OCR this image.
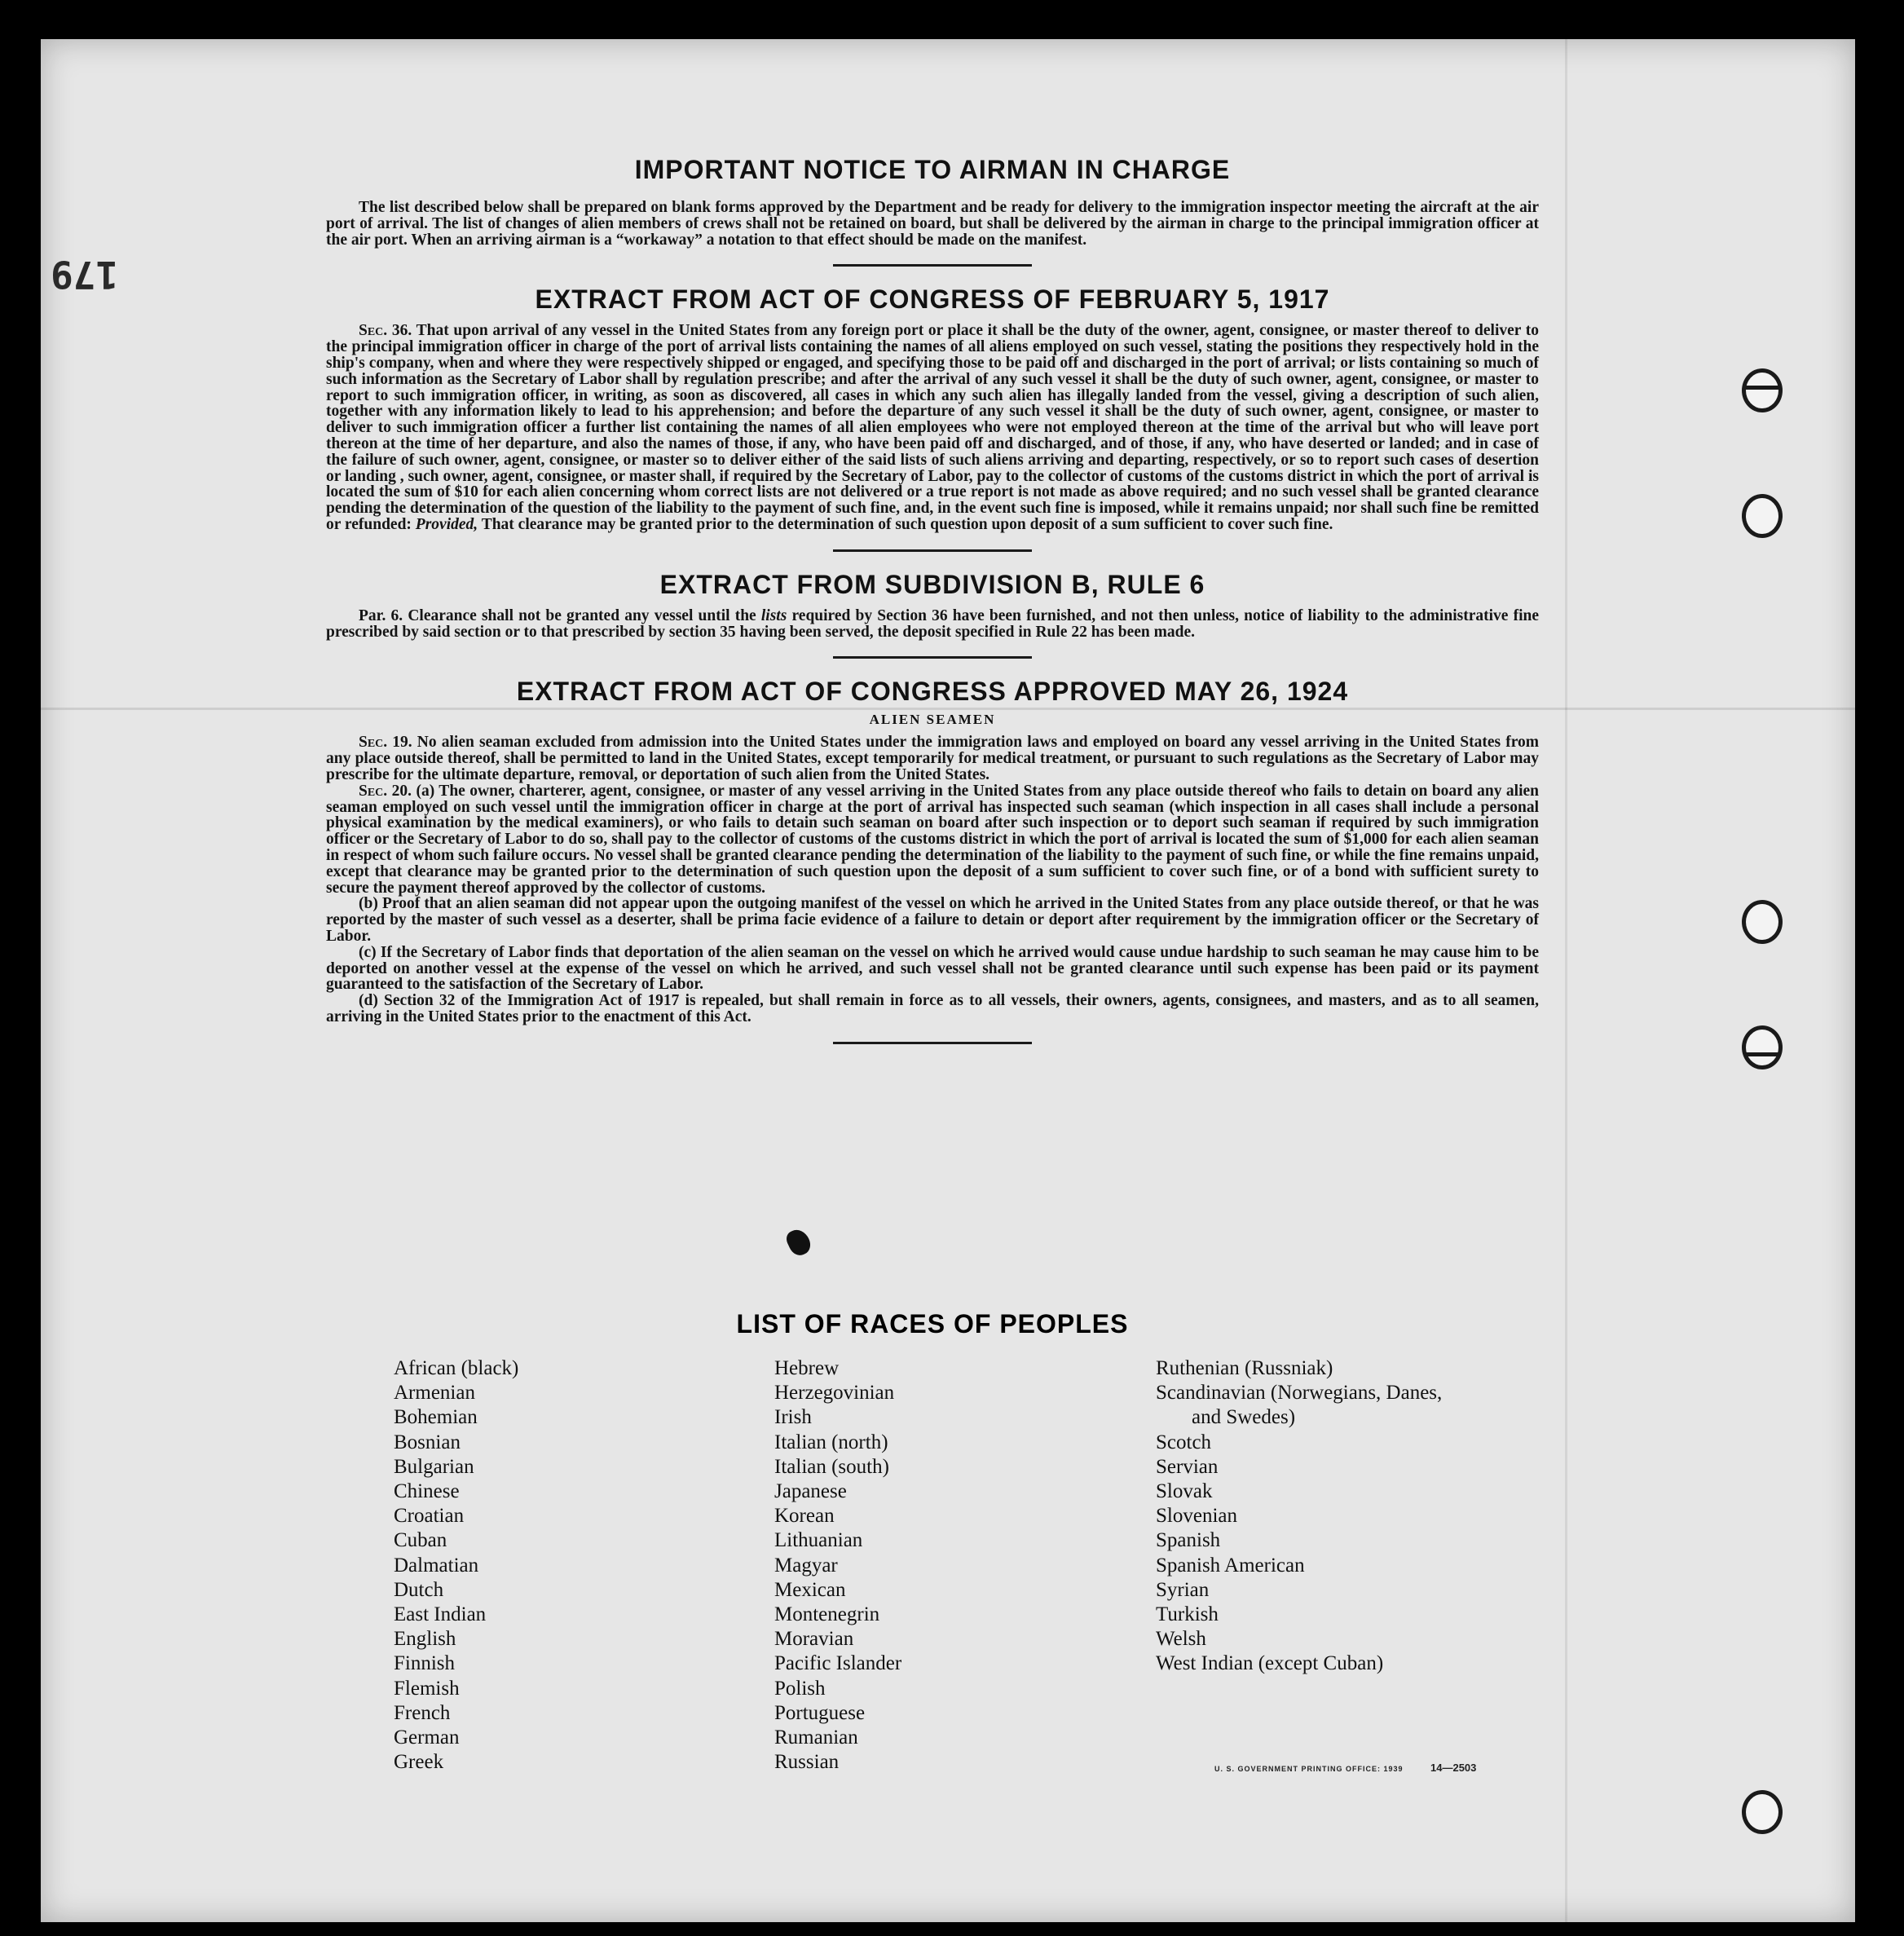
179
IMPORTANT NOTICE TO AIRMAN IN CHARGE

The list described below shall be prepared on blank forms approved by the Department and be ready for delivery to the immigration inspector meeting the aircraft at the air port of arrival. The list of changes of alien members of crews shall not be retained on board, but shall be delivered by the airman in charge to the principal immigration officer at the air port. When an arriving airman is a “workaway” a notation to that effect should be made on the manifest.

EXTRACT FROM ACT OF CONGRESS OF FEBRUARY 5, 1917

Sec. 36. That upon arrival of any vessel in the United States from any foreign port or place it shall be the duty of the owner, agent, consignee, or master thereof to deliver to the principal immigration officer in charge of the port of arrival lists containing the names of all aliens employed on such vessel, stating the positions they respectively hold in the ship's company, when and where they were respectively shipped or engaged, and specifying those to be paid off and discharged in the port of arrival; or lists containing so much of such information as the Secretary of Labor shall by regulation prescribe; and after the arrival of any such vessel it shall be the duty of such owner, agent, consignee, or master to report to such immigration officer, in writing, as soon as discovered, all cases in which any such alien has illegally landed from the vessel, giving a description of such alien, together with any information likely to lead to his apprehension; and before the departure of any such vessel it shall be the duty of such owner, agent, consignee, or master to deliver to such immigration officer a further list containing the names of all alien employees who were not employed thereon at the time of the arrival but who will leave port thereon at the time of her departure, and also the names of those, if any, who have been paid off and discharged, and of those, if any, who have deserted or landed; and in case of the failure of such owner, agent, consignee, or master so to deliver either of the said lists of such aliens arriving and departing, respectively, or so to report such cases of desertion or landing , such owner, agent, consignee, or master shall, if required by the Secretary of Labor, pay to the collector of customs of the customs district in which the port of arrival is located the sum of $10 for each alien concerning whom correct lists are not delivered or a true report is not made as above required; and no such vessel shall be granted clearance pending the determination of the question of the liability to the payment of such fine, and, in the event such fine is imposed, while it remains unpaid; nor shall such fine be remitted or refunded: Provided, That clearance may be granted prior to the determination of such question upon deposit of a sum sufficient to cover such fine.

EXTRACT FROM SUBDIVISION B, RULE 6

Par. 6. Clearance shall not be granted any vessel until the lists required by Section 36 have been furnished, and not then unless, notice of liability to the administrative fine prescribed by said section or to that prescribed by section 35 having been served, the deposit specified in Rule 22 has been made.

EXTRACT FROM ACT OF CONGRESS APPROVED MAY 26, 1924
ALIEN SEAMEN

Sec. 19. No alien seaman excluded from admission into the United States under the immigration laws and employed on board any vessel arriving in the United States from any place outside thereof, shall be permitted to land in the United States, except temporarily for medical treatment, or pursuant to such regulations as the Secretary of Labor may prescribe for the ultimate departure, removal, or deportation of such alien from the United States.

Sec. 20. (a) The owner, charterer, agent, consignee, or master of any vessel arriving in the United States from any place outside thereof who fails to detain on board any alien seaman employed on such vessel until the immigration officer in charge at the port of arrival has inspected such seaman (which inspection in all cases shall include a personal physical examination by the medical examiners), or who fails to detain such seaman on board after such inspection or to deport such seaman if required by such immigration officer or the Secretary of Labor to do so, shall pay to the collector of customs of the customs district in which the port of arrival is located the sum of $1,000 for each alien seaman in respect of whom such failure occurs. No vessel shall be granted clearance pending the determination of the liability to the payment of such fine, or while the fine remains unpaid, except that clearance may be granted prior to the determination of such question upon the deposit of a sum sufficient to cover such fine, or of a bond with sufficient surety to secure the payment thereof approved by the collector of customs.

(b) Proof that an alien seaman did not appear upon the outgoing manifest of the vessel on which he arrived in the United States from any place outside thereof, or that he was reported by the master of such vessel as a deserter, shall be prima facie evidence of a failure to detain or deport after requirement by the immigration officer or the Secretary of Labor.

(c) If the Secretary of Labor finds that deportation of the alien seaman on the vessel on which he arrived would cause undue hardship to such seaman he may cause him to be deported on another vessel at the expense of the vessel on which he arrived, and such vessel shall not be granted clearance until such expense has been paid or its payment guaranteed to the satisfaction of the Secretary of Labor.

(d) Section 32 of the Immigration Act of 1917 is repealed, but shall remain in force as to all vessels, their owners, agents, consignees, and masters, and as to all seamen, arriving in the United States prior to the enactment of this Act.

LIST OF RACES OF PEOPLES
African (black)
Armenian
Bohemian
Bosnian
Bulgarian
Chinese
Croatian
Cuban
Dalmatian
Dutch
East Indian
English
Finnish
Flemish
French
German
Greek
Hebrew
Herzegovinian
Irish
Italian (north)
Italian (south)
Japanese
Korean
Lithuanian
Magyar
Mexican
Montenegrin
Moravian
Pacific Islander
Polish
Portuguese
Rumanian
Russian
Ruthenian (Russniak)
Scandinavian (Norwegians, Danes,
and Swedes)
Scotch
Servian
Slovak
Slovenian
Spanish
Spanish American
Syrian
Turkish
Welsh
West Indian (except Cuban)
U. S. GOVERNMENT PRINTING OFFICE: 1939	14—2503
